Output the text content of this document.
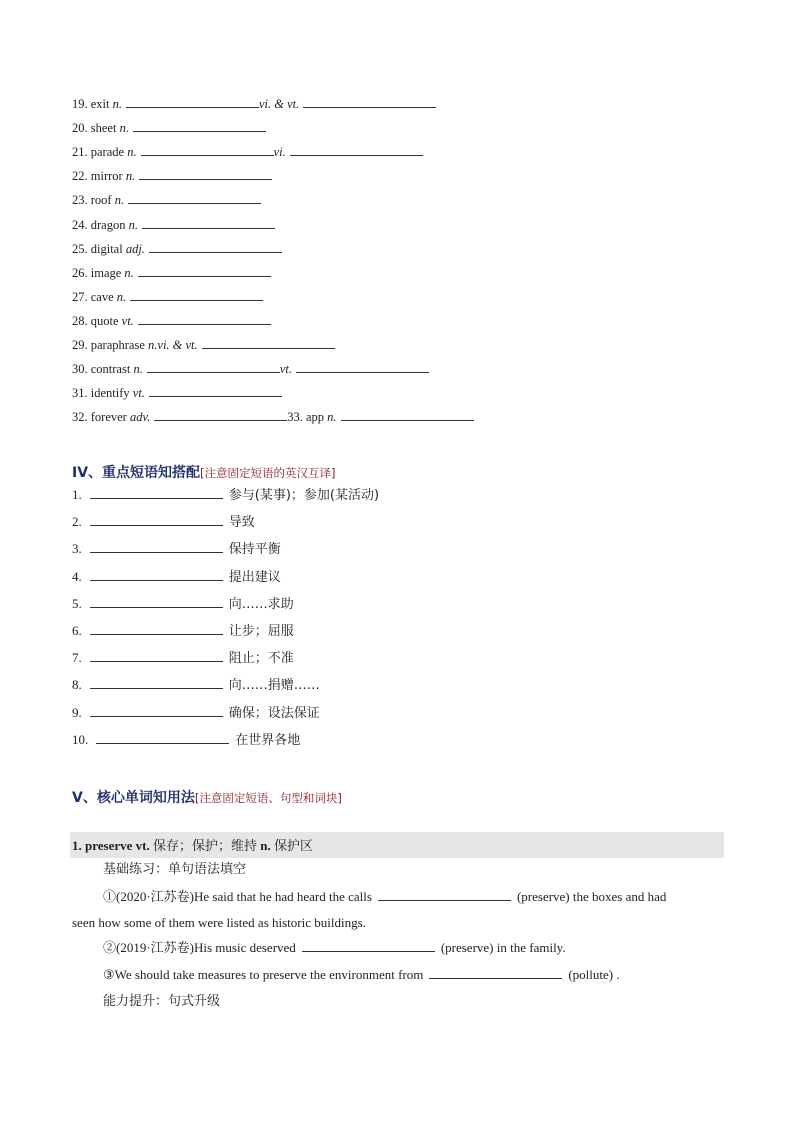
19. exit n.	vi. & vt.
20. sheet n.
21. parade n.	vi.
22. mirror n.
23. roof n.
24. dragon n.
25. digital adj.
26. image n.
27. cave n.
28. quote vt.
29. paraphrase n.vi. & vt.
30. contrast n.	vt.
31. identify vt.
32. forever adv.	33. app n.
IV、重点短语知搭配[注意固定短语的英汉互译]
1.	参与(某事)；参加(某活动)
2.	导致
3.	保持平衡
4.	提出建议
5.	向……求助
6.	让步；屈服
7.	阻止；不准
8.	向……捐赠……
9.	确保；设法保证
10.	在世界各地
V、核心单词知用法[注意固定短语、句型和词块]
1. preserve vt. 保存；保护；维持 n. 保护区
基础练习：单句语法填空
①(2020·江苏卷)He said that he had heard the calls	(preserve) the boxes and had
seen how some of them were listed as historic buildings.
②(2019·江苏卷)His music deserved	(preserve) in the family.
③We should take measures to preserve the environment from	(pollute) .
能力提升：句式升级
